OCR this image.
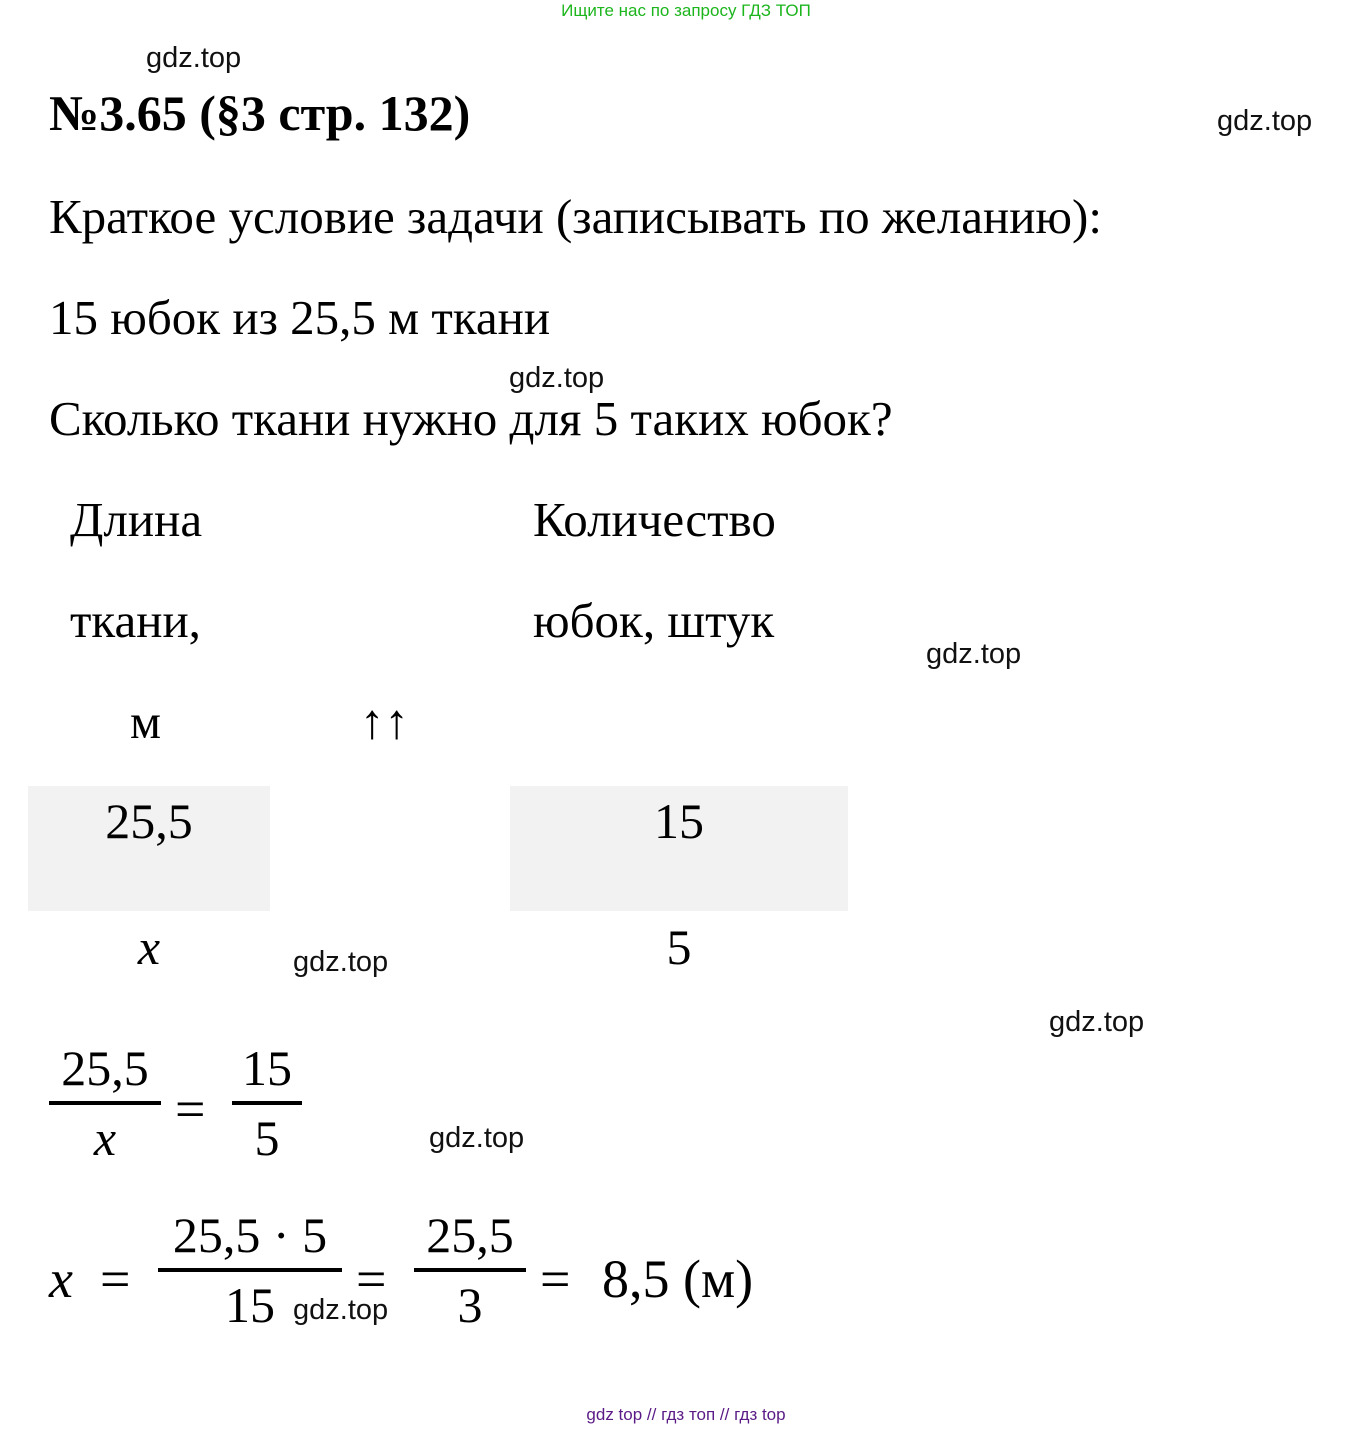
Ищите нас по запросу ГДЗ ТОП
gdz.top
gdz.top
gdz.top
gdz.top
gdz.top
gdz.top
gdz.top
№3.65 (§3 стр. 132)
Краткое условие задачи (записывать по желанию):
15 юбок из 25,5 м ткани
Сколько ткани нужно для 5 таких юбок?
Длина
ткани,
м
Количество
юбок, штук
↑↑
25,5	15
x	5
25,5
x =
15
5
x =
25,5 · 5
15 =
25,5
3 = 8,5 (м)
gdz.top
gdz top // гдз топ // гдз top
